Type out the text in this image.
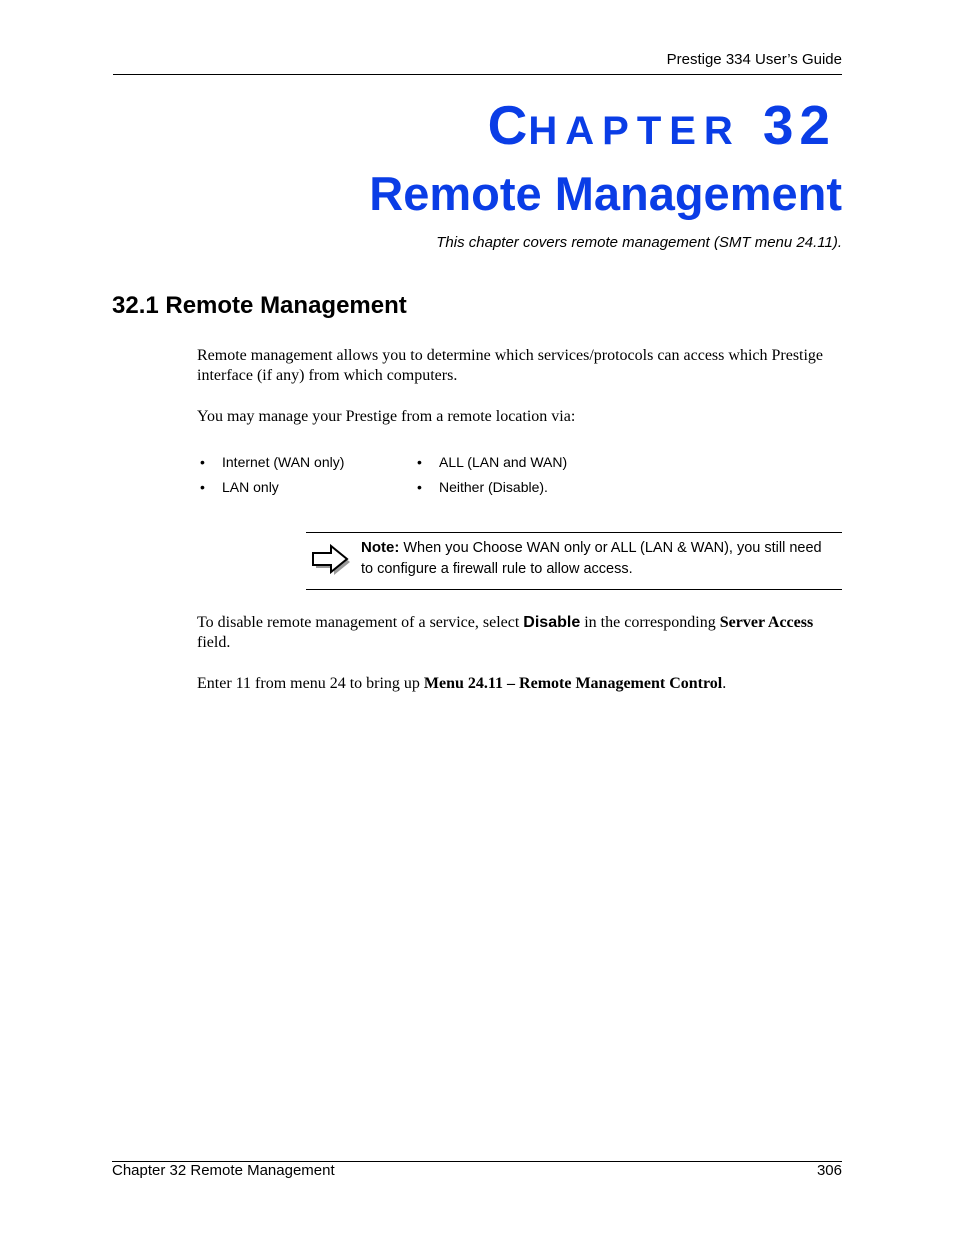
Prestige 334 User’s Guide
CHAPTER 32
Remote Management
This chapter covers remote management (SMT menu 24.11).
32.1 Remote Management
Remote management allows you to determine which services/protocols can access which Prestige interface (if any) from which computers.
You may manage your Prestige from a remote location via:
• Internet (WAN only)	• ALL (LAN and WAN)
• LAN only	• Neither (Disable).
Note: When you Choose WAN only or ALL (LAN & WAN), you still need to configure a firewall rule to allow access.
To disable remote management of a service, select Disable in the corresponding Server Access field.
Enter 11 from menu 24 to bring up Menu 24.11 – Remote Management Control.
Chapter 32 Remote Management	306
